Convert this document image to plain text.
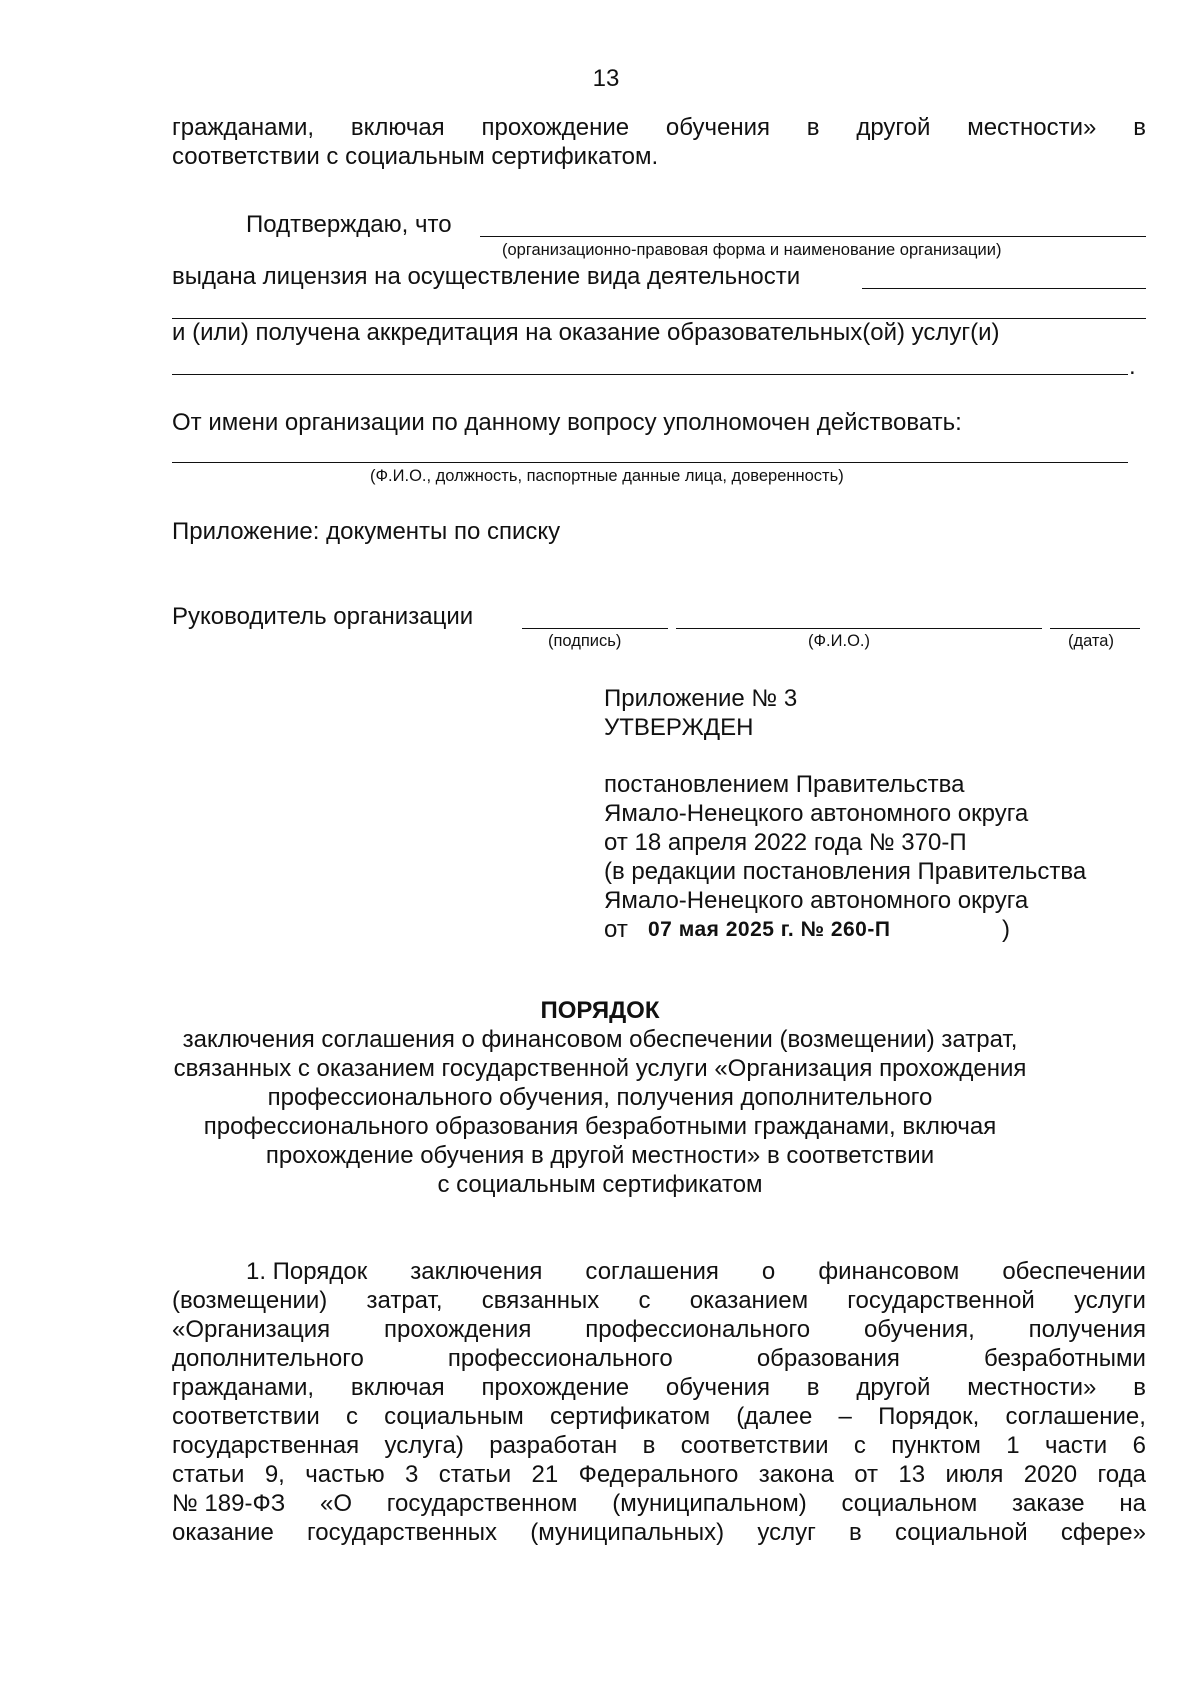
13
гражданами, включая прохождение обучения в другой местности» в
соответствии с социальным сертификатом.
Подтверждаю, что
(организационно-правовая форма и наименование организации)
выдана лицензия на осуществление вида деятельности
и (или) получена аккредитация на оказание образовательных(ой) услуг(и)
.
От имени организации по данному вопросу уполномочен действовать:
(Ф.И.О., должность, паспортные данные лица, доверенность)
Приложение: документы по списку
Руководитель организации
(подпись)	(Ф.И.О.)	(дата)
Приложение № 3
УТВЕРЖДЕН
постановлением Правительства
Ямало-Ненецкого автономного округа
от 18 апреля 2022 года № 370-П
(в редакции постановления Правительства
Ямало-Ненецкого автономного округа
от 07 мая 2025 г. № 260-П	)
ПОРЯДОК
заключения соглашения о финансовом обеспечении (возмещении) затрат,
связанных с оказанием государственной услуги «Организация прохождения
профессионального обучения, получения дополнительного
профессионального образования безработными гражданами, включая
прохождение обучения в другой местности» в соответствии
с социальным сертификатом
1. Порядок заключения соглашения о финансовом обеспечении
(возмещении) затрат, связанных с оказанием государственной услуги
«Организация прохождения профессионального обучения, получения
дополнительного	профессионального	образования	безработными
гражданами, включая прохождение обучения в другой местности» в
соответствии с социальным сертификатом (далее – Порядок, соглашение,
государственная услуга) разработан в соответствии с пунктом 1 части 6
статьи 9, частью 3 статьи 21 Федерального закона от 13 июля 2020 года
№ 189-ФЗ «О государственном (муниципальном) социальном заказе на
оказание государственных (муниципальных) услуг в социальной сфере»
